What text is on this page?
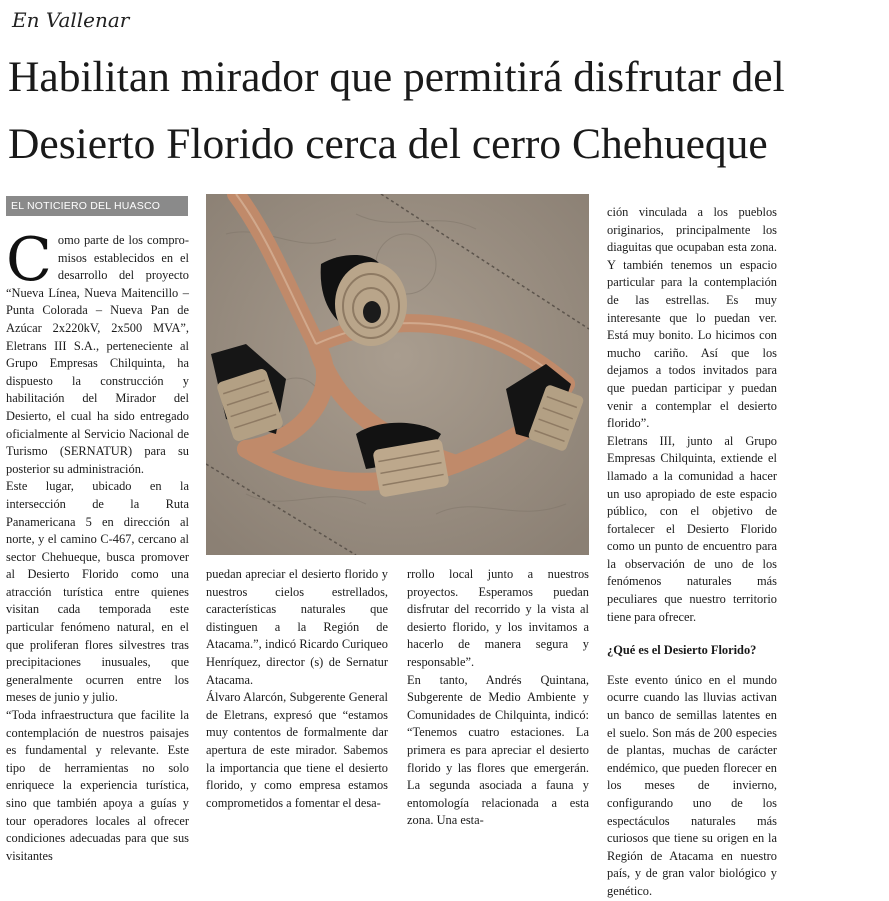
En Vallenar
Habilitan mirador que permitirá disfrutar del
Desierto Florido cerca del cerro Chehueque
EL NOTICIERO DEL HUASCO

Como parte de los compro-misos establecidos en el desarrollo del proyecto “Nueva Línea, Nueva Maitencillo – Punta Colorada – Nueva Pan de Azúcar 2x220kV, 2x500 MVA”, Eletrans III S.A., perteneciente al Grupo Empresas Chilquinta, ha dispuesto la construcción y habilitación del Mirador del Desierto, el cual ha sido entregado oficialmente al Servicio Nacional de Turismo (SERNATUR) para su posterior su administración.

Este lugar, ubicado en la intersección de la Ruta Panamericana 5 en dirección al norte, y el camino C-467, cercano al sector Chehueque, busca promover al Desierto Florido como una atracción turística entre quienes visitan cada temporada este particular fenómeno natural, en el que proliferan flores silvestres tras precipitaciones inusuales, que generalmente ocurren entre los meses de junio y julio.

“Toda infraestructura que facilite la contemplación de nuestros paisajes es fundamental y relevante. Este tipo de herramientas no solo enriquece la experiencia turística, sino que también apoya a guías y tour operadores locales al ofrecer condiciones adecuadas para que sus visitantes

puedan apreciar el desierto florido y nuestros cielos estrellados, características naturales que distinguen a la Región de Atacama.”, indicó Ricardo Curiqueo Henríquez, director (s) de Sernatur Atacama.

Álvaro Alarcón, Subgerente General de Eletrans, expresó que “estamos muy contentos de formalmente dar apertura de este mirador. Sabemos la importancia que tiene el desierto florido, y como empresa estamos comprometidos a fomentar el desa-

rrollo local junto a nuestros proyectos. Esperamos puedan disfrutar del recorrido y la vista al desierto florido, y los invitamos a hacerlo de manera segura y responsable”.

En tanto, Andrés Quintana, Subgerente de Medio Ambiente y Comunidades de Chilquinta, indicó: “Tenemos cuatro estaciones. La primera es para apreciar el desierto florido y las flores que emergerán. La segunda asociada a fauna y entomología relacionada a esta zona. Una esta-

ción vinculada a los pueblos originarios, principalmente los diaguitas que ocupaban esta zona. Y también tenemos un espacio particular para la contemplación de las estrellas. Es muy interesante que lo puedan ver. Está muy bonito. Lo hicimos con mucho cariño. Así que los dejamos a todos invitados para que puedan participar y puedan venir a contemplar el desierto florido”.

Eletrans III, junto al Grupo Empresas Chilquinta, extiende el llamado a la comunidad a hacer un uso apropiado de este espacio público, con el objetivo de fortalecer el Desierto Florido como un punto de encuentro para la observación de uno de los fenómenos naturales más peculiares que nuestro territorio tiene para ofrecer.

¿Qué es el Desierto Florido?

Este evento único en el mundo ocurre cuando las lluvias activan un banco de semillas latentes en el suelo. Son más de 200 especies de plantas, muchas de carácter endémico, que pueden florecer en los meses de invierno, configurando uno de los espectáculos naturales más curiosos que tiene su origen en la Región de Atacama en nuestro país, y de gran valor biológico y genético.
